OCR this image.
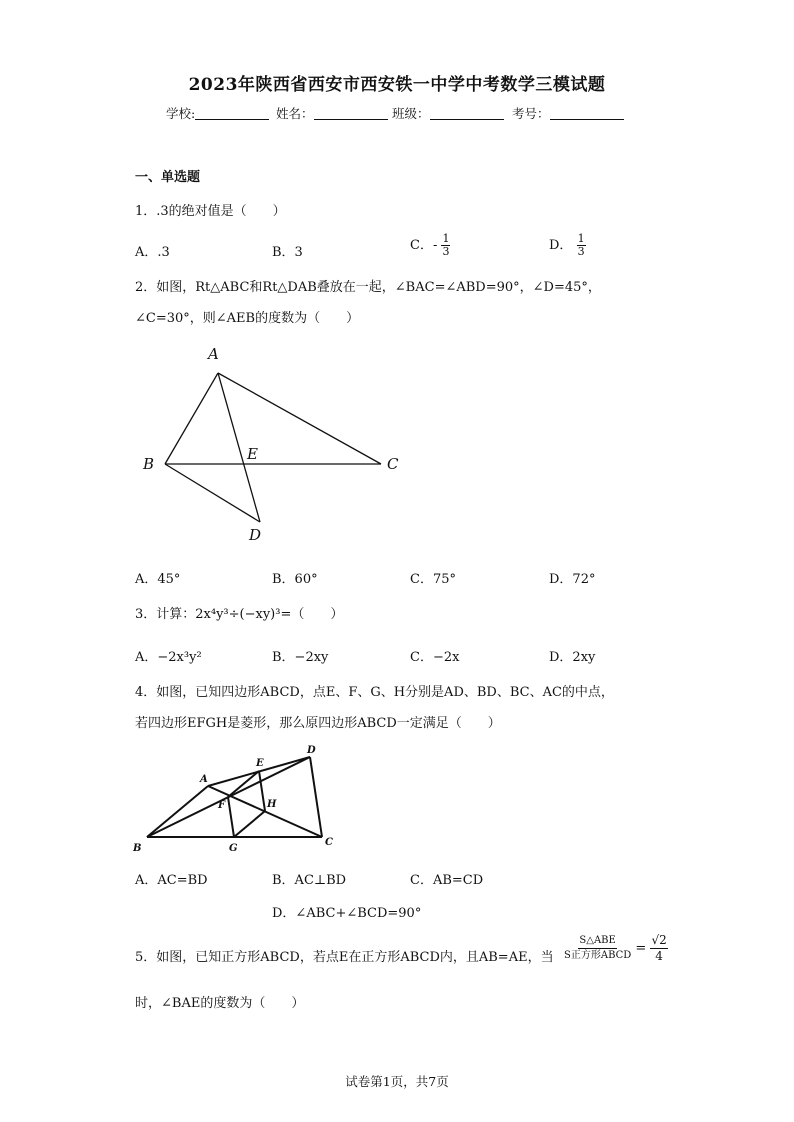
2023年陕西省西安市西安铁一中学中考数学三模试题
学校:	姓名：	班级：	考号：
一、单选题
1．.3的绝对值是（　　）
A．.3	B．3	C．- $\frac{1}{3}$	D． $\frac{1}{3}$
2．如图，Rt△ABC和Rt△DAB叠放在一起，∠BAC=∠ABD=90°，∠D=45°，
∠C=30°，则∠AEB的度数为（　　）
A
B
E
C
D
A．45°	B．60°	C．75°	D．72°
3．计算：2x⁴y³÷(−xy)³=（　　）
A．−2x³y²	B．−2xy	C．−2x	D．2xy
4．如图，已知四边形ABCD，点E、F、G、H分别是AD、BD、BC、AC的中点，
若四边形EFGH是菱形，那么原四边形ABCD一定满足（　　）
A
B
C
D
E
F
G
H
A．AC=BD	B．AC⊥BD	C．AB=CD
D．∠ABC+∠BCD=90°
5．如图，已知正方形ABCD，若点E在正方形ABCD内，且AB=AE，当 $\frac{\text{S△ABE}}{\text{S正方形ABCD}} = \frac{√2}{4}$
时，∠BAE的度数为（　　）
试卷第1页，共7页
